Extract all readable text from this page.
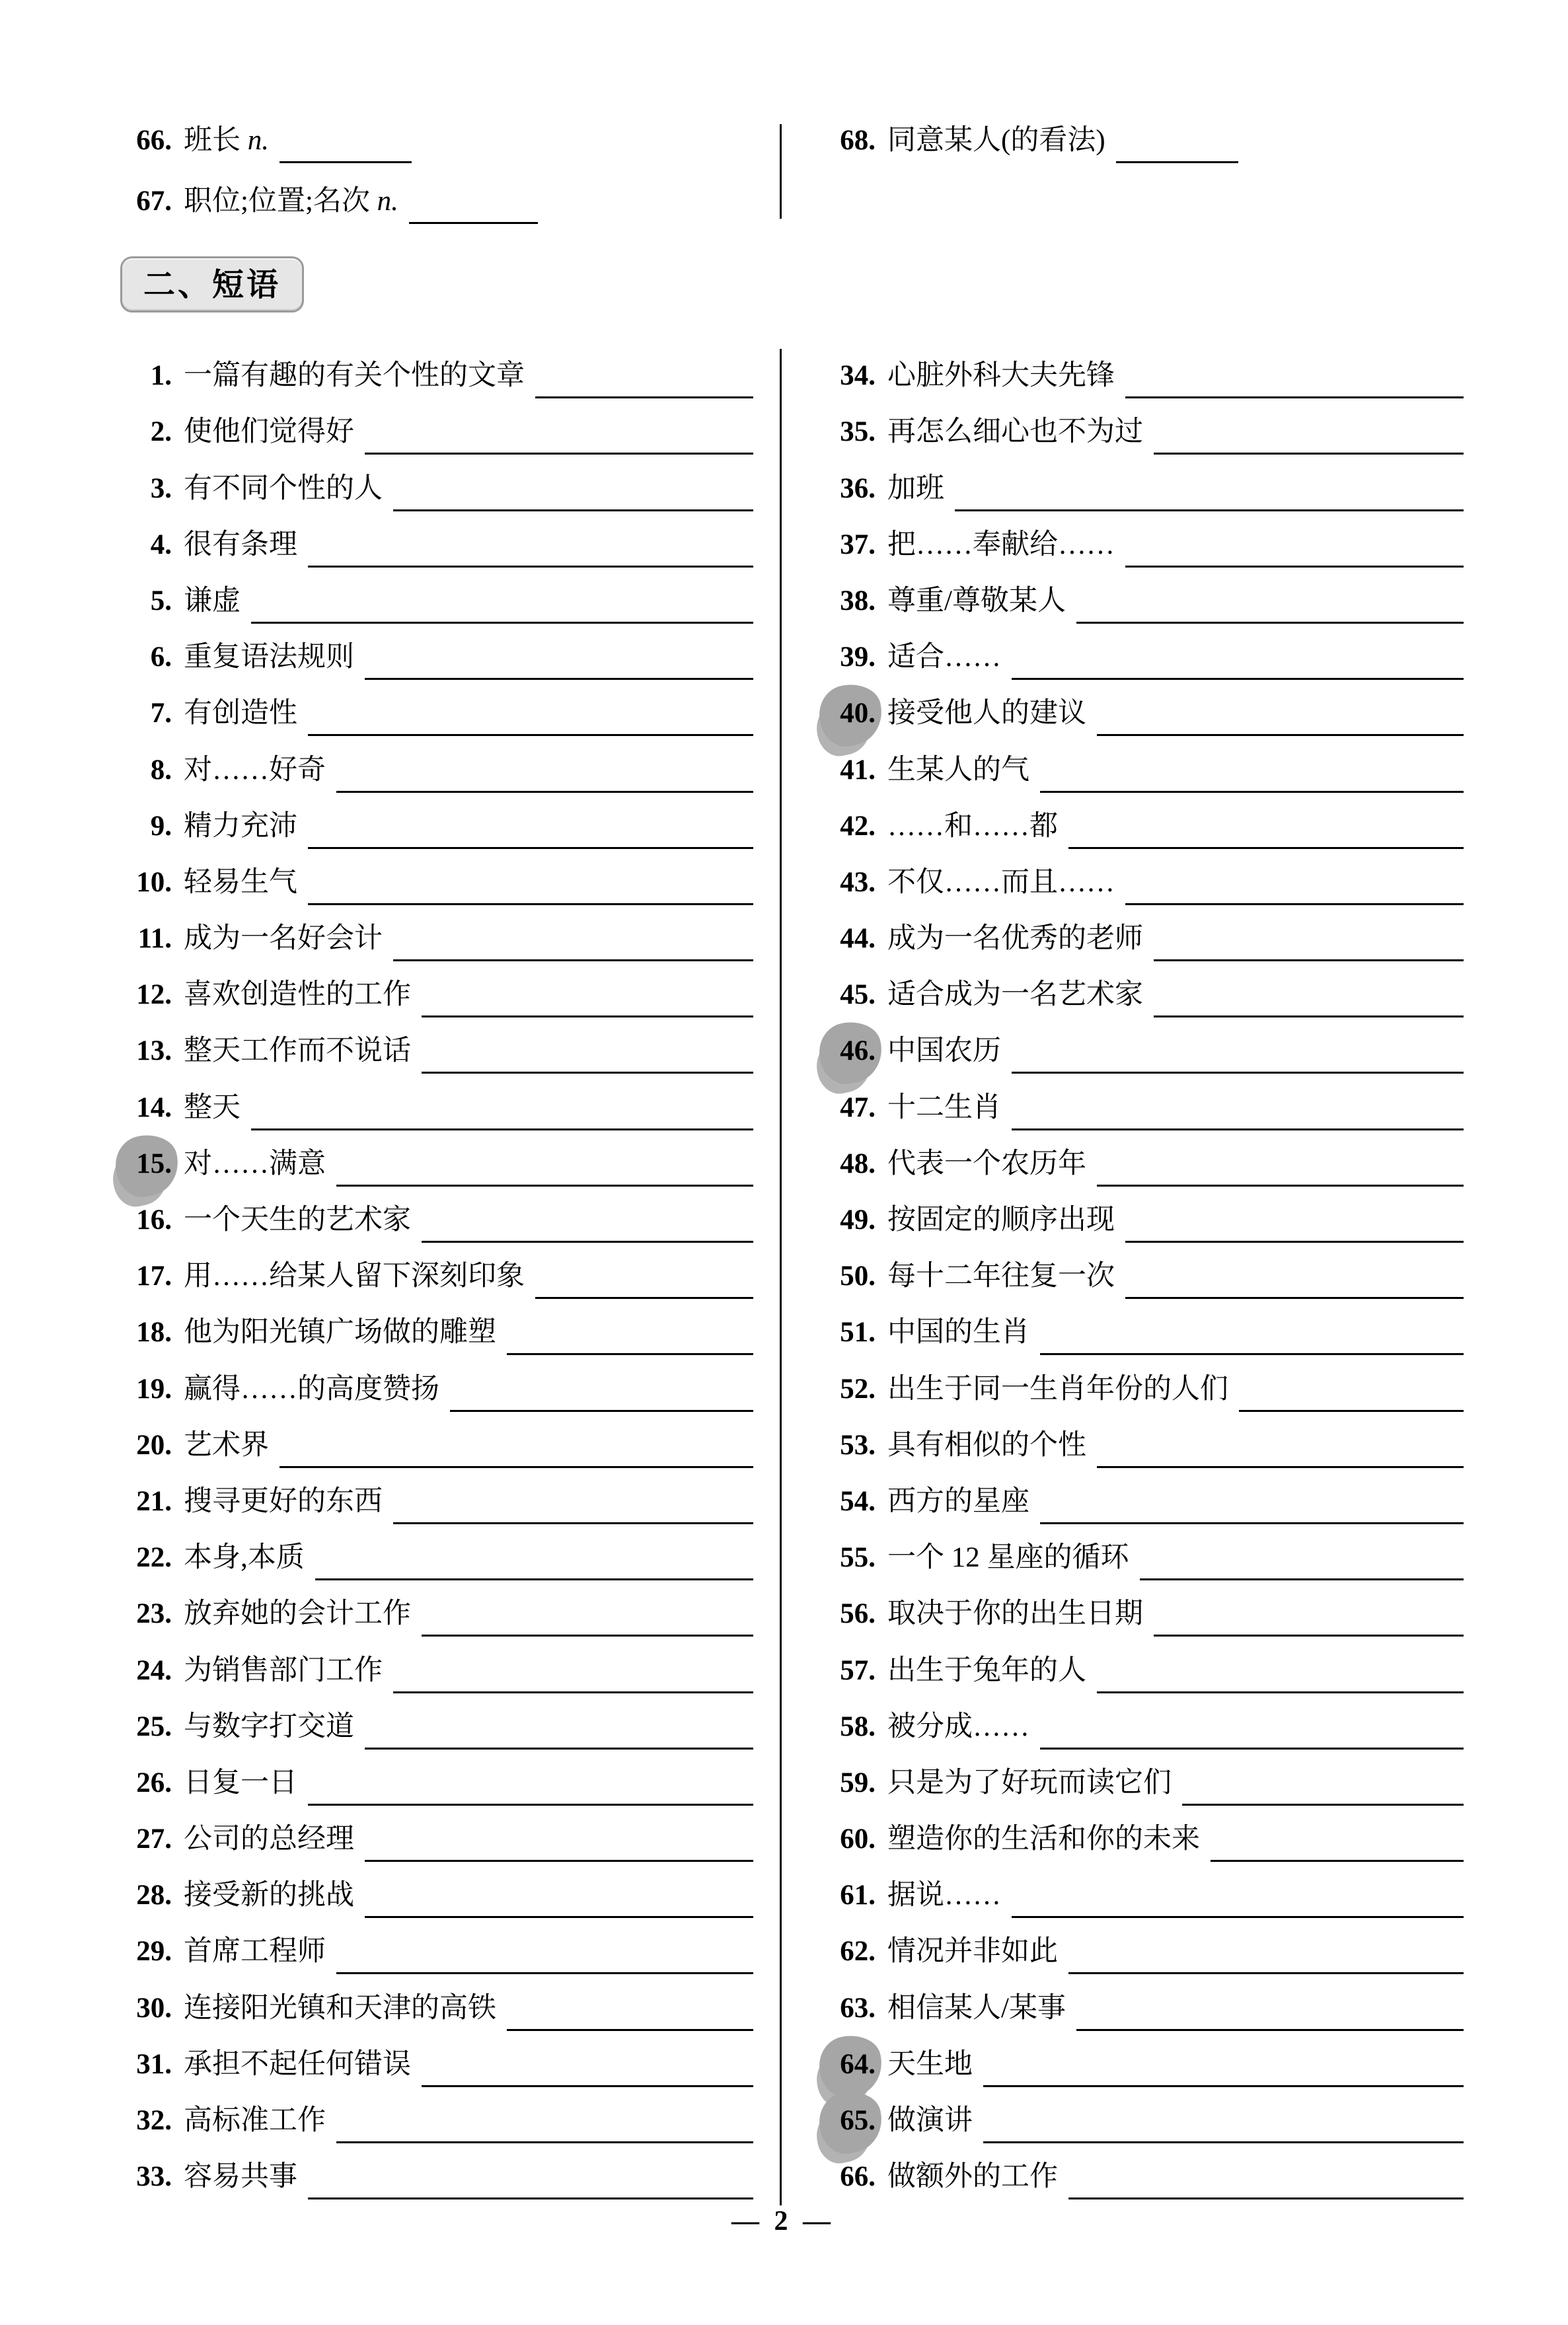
66. 班长 n.
67. 职位;位置;名次 n.
68. 同意某人(的看法)
二、短语
1. 一篇有趣的有关个性的文章
2. 使他们觉得好
3. 有不同个性的人
4. 很有条理
5. 谦虚
6. 重复语法规则
7. 有创造性
8. 对……好奇
9. 精力充沛
10. 轻易生气
11. 成为一名好会计
12. 喜欢创造性的工作
13. 整天工作而不说话
14. 整天
15. 对……满意
16. 一个天生的艺术家
17. 用……给某人留下深刻印象
18. 他为阳光镇广场做的雕塑
19. 赢得……的高度赞扬
20. 艺术界
21. 搜寻更好的东西
22. 本身,本质
23. 放弃她的会计工作
24. 为销售部门工作
25. 与数字打交道
26. 日复一日
27. 公司的总经理
28. 接受新的挑战
29. 首席工程师
30. 连接阳光镇和天津的高铁
31. 承担不起任何错误
32. 高标准工作
33. 容易共事
34. 心脏外科大夫先锋
35. 再怎么细心也不为过
36. 加班
37. 把……奉献给……
38. 尊重/尊敬某人
39. 适合……
40. 接受他人的建议
41. 生某人的气
42. ……和……都
43. 不仅……而且……
44. 成为一名优秀的老师
45. 适合成为一名艺术家
46. 中国农历
47. 十二生肖
48. 代表一个农历年
49. 按固定的顺序出现
50. 每十二年往复一次
51. 中国的生肖
52. 出生于同一生肖年份的人们
53. 具有相似的个性
54. 西方的星座
55. 一个 12 星座的循环
56. 取决于你的出生日期
57. 出生于兔年的人
58. 被分成……
59. 只是为了好玩而读它们
60. 塑造你的生活和你的未来
61. 据说……
62. 情况并非如此
63. 相信某人/某事
64. 天生地
65. 做演讲
66. 做额外的工作
— 2 —
